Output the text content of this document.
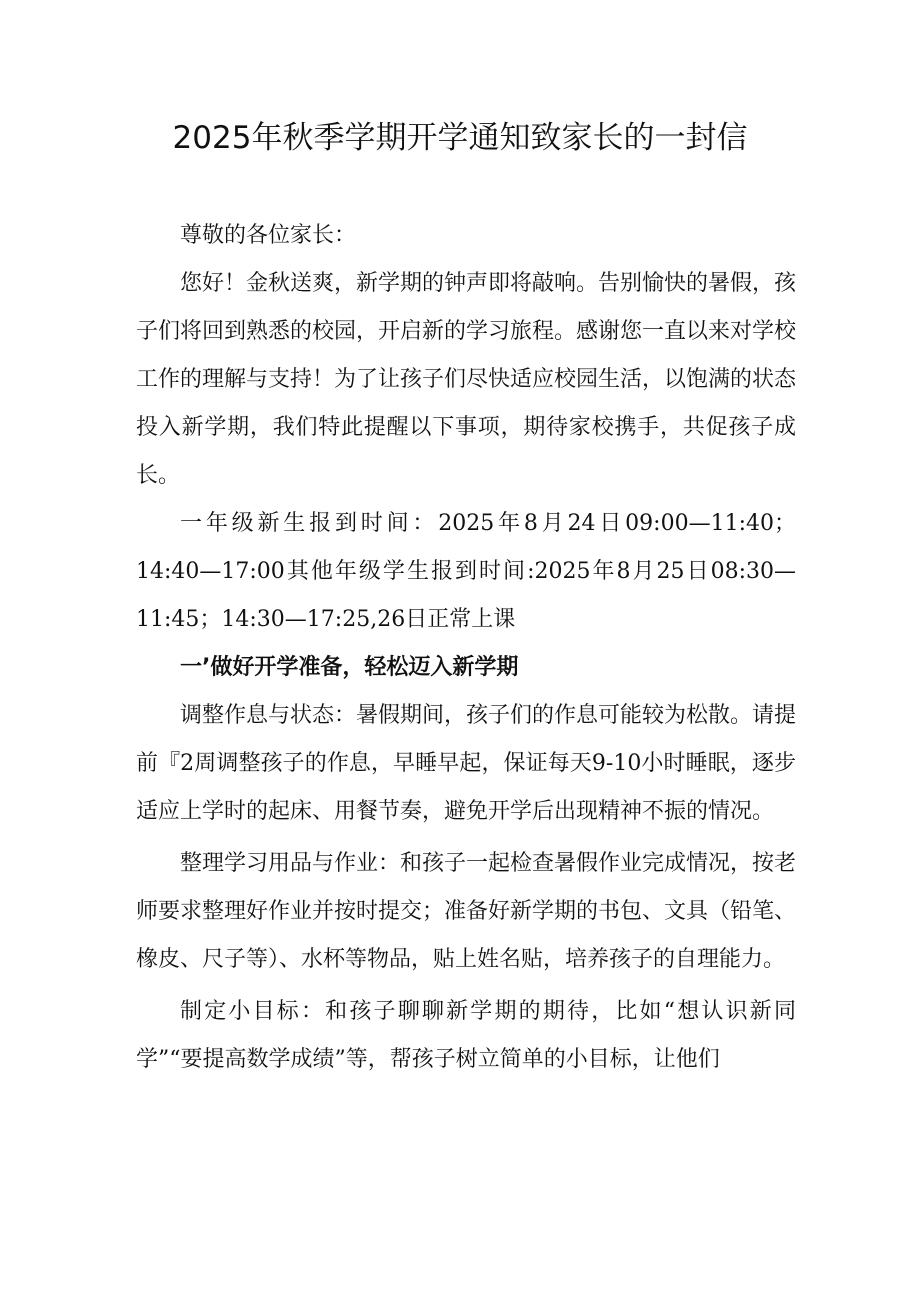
2025年秋季学期开学通知致家长的一封信

尊敬的各位家长：

您好！金秋送爽，新学期的钟声即将敲响。告别愉快的暑假，孩子们将回到熟悉的校园，开启新的学习旅程。感谢您一直以来对学校工作的理解与支持！为了让孩子们尽快适应校园生活，以饱满的状态投入新学期，我们特此提醒以下事项，期待家校携手，共促孩子成长。

一年级新生报到时间：2025年8月24日09:00—11:40；14:40—17:00其他年级学生报到时间:2025年8月25日08:30—11:45；14:30—17:25,26日正常上课

一’做好开学准备，轻松迈入新学期

调整作息与状态：暑假期间，孩子们的作息可能较为松散。请提前『2周调整孩子的作息，早睡早起，保证每天9-10小时睡眠，逐步适应上学时的起床、用餐节奏，避免开学后出现精神不振的情况。

整理学习用品与作业：和孩子一起检查暑假作业完成情况，按老师要求整理好作业并按时提交；准备好新学期的书包、文具（铅笔、橡皮、尺子等）、水杯等物品，贴上姓名贴，培养孩子的自理能力。

制定小目标：和孩子聊聊新学期的期待，比如“想认识新同学”“要提高数学成绩”等，帮孩子树立简单的小目标，让他们
